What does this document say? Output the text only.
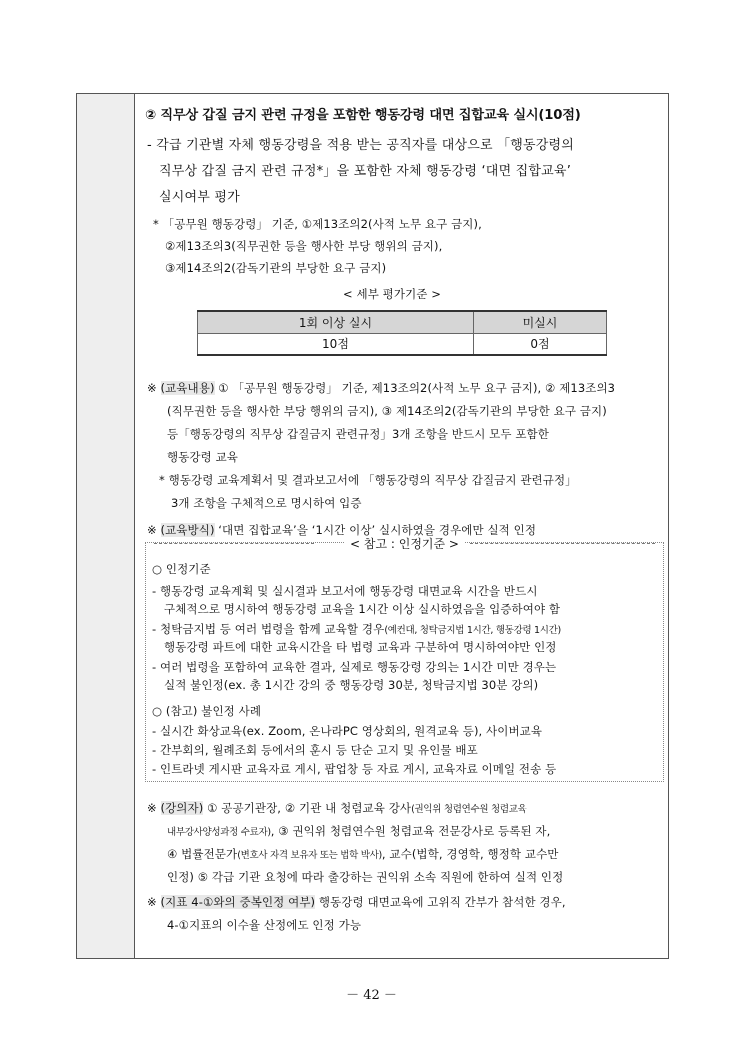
② 직무상 갑질 금지 관련 규정을 포함한 행동강령 대면 집합교육 실시(10점)
- 각급 기관별 자체 행동강령을 적용 받는 공직자를 대상으로 「행동강령의
직무상 갑질 금지 관련 규정*」을 포함한 자체 행동강령 ‘대면 집합교육’
실시여부 평가
* 「공무원 행동강령」 기준, ①제13조의2(사적 노무 요구 금지),
②제13조의3(직무권한 등을 행사한 부당 행위의 금지),
③제14조의2(감독기관의 부당한 요구 금지)
< 세부 평가기준 >
1회 이상 실시	미실시
10점	0점
※ (교육내용) ① 「공무원 행동강령」 기준, 제13조의2(사적 노무 요구 금지), ② 제13조의3
(직무권한 등을 행사한 부당 행위의 금지), ③ 제14조의2(감독기관의 부당한 요구 금지)
등「행동강령의 직무상 갑질금지 관련규정」3개 조항을 반드시 모두 포함한
행동강령 교육
* 행동강령 교육계획서 및 결과보고서에 「행동강령의 직무상 갑질금지 관련규정」
3개 조항을 구체적으로 명시하여 입증
※ (교육방식) ‘대면 집합교육’을 ‘1시간 이상’ 실시하였을 경우에만 실적 인정
< 참고 : 인정기준 >
○ 인정기준
- 행동강령 교육계획 및 실시결과 보고서에 행동강령 대면교육 시간을 반드시
구체적으로 명시하여 행동강령 교육을 1시간 이상 실시하였음을 입증하여야 함
- 청탁금지법 등 여러 법령을 함께 교육할 경우(예컨대, 청탁금지법 1시간, 행동강령 1시간)
행동강령 파트에 대한 교육시간을 타 법령 교육과 구분하여 명시하여야만 인정
- 여러 법령을 포함하여 교육한 결과, 실제로 행동강령 강의는 1시간 미만 경우는
실적 불인정(ex. 총 1시간 강의 중 행동강령 30분, 청탁금지법 30분 강의)
○ (참고) 불인정 사례
- 실시간 화상교육(ex. Zoom, 온나라PC 영상회의, 원격교육 등), 사이버교육
- 간부회의, 월례조회 등에서의 훈시 등 단순 고지 및 유인물 배포
- 인트라넷 게시판 교육자료 게시, 팝업창 등 자료 게시, 교육자료 이메일 전송 등
※ (강의자) ① 공공기관장, ② 기관 내 청렴교육 강사(권익위 청렴연수원 청렴교육
내부강사양성과정 수료자), ③ 권익위 청렴연수원 청렴교육 전문강사로 등록된 자,
④ 법률전문가(변호사 자격 보유자 또는 법학 박사), 교수(법학, 경영학, 행정학 교수만
인정) ⑤ 각급 기관 요청에 따라 출강하는 권익위 소속 직원에 한하여 실적 인정
※ (지표 4-①와의 중복인정 여부) 행동강령 대면교육에 고위직 간부가 참석한 경우,
4-①지표의 이수율 산정에도 인정 가능
－ 42 －
